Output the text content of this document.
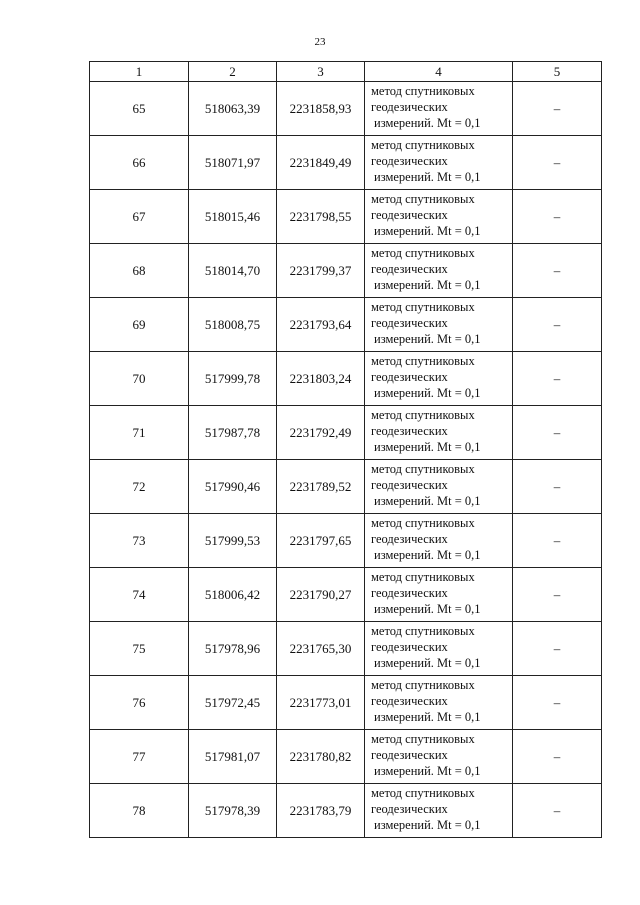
23
1	2	3	4	5
65	518063,39	2231858,93	метод спутниковых
геодезических
измерений. Mt = 0,1	–
66	518071,97	2231849,49	метод спутниковых
геодезических
измерений. Mt = 0,1	–
67	518015,46	2231798,55	метод спутниковых
геодезических
измерений. Mt = 0,1	–
68	518014,70	2231799,37	метод спутниковых
геодезических
измерений. Mt = 0,1	–
69	518008,75	2231793,64	метод спутниковых
геодезических
измерений. Mt = 0,1	–
70	517999,78	2231803,24	метод спутниковых
геодезических
измерений. Mt = 0,1	–
71	517987,78	2231792,49	метод спутниковых
геодезических
измерений. Mt = 0,1	–
72	517990,46	2231789,52	метод спутниковых
геодезических
измерений. Mt = 0,1	–
73	517999,53	2231797,65	метод спутниковых
геодезических
измерений. Mt = 0,1	–
74	518006,42	2231790,27	метод спутниковых
геодезических
измерений. Mt = 0,1	–
75	517978,96	2231765,30	метод спутниковых
геодезических
измерений. Mt = 0,1	–
76	517972,45	2231773,01	метод спутниковых
геодезических
измерений. Mt = 0,1	–
77	517981,07	2231780,82	метод спутниковых
геодезических
измерений. Mt = 0,1	–
78	517978,39	2231783,79	метод спутниковых
геодезических
измерений. Mt = 0,1	–
